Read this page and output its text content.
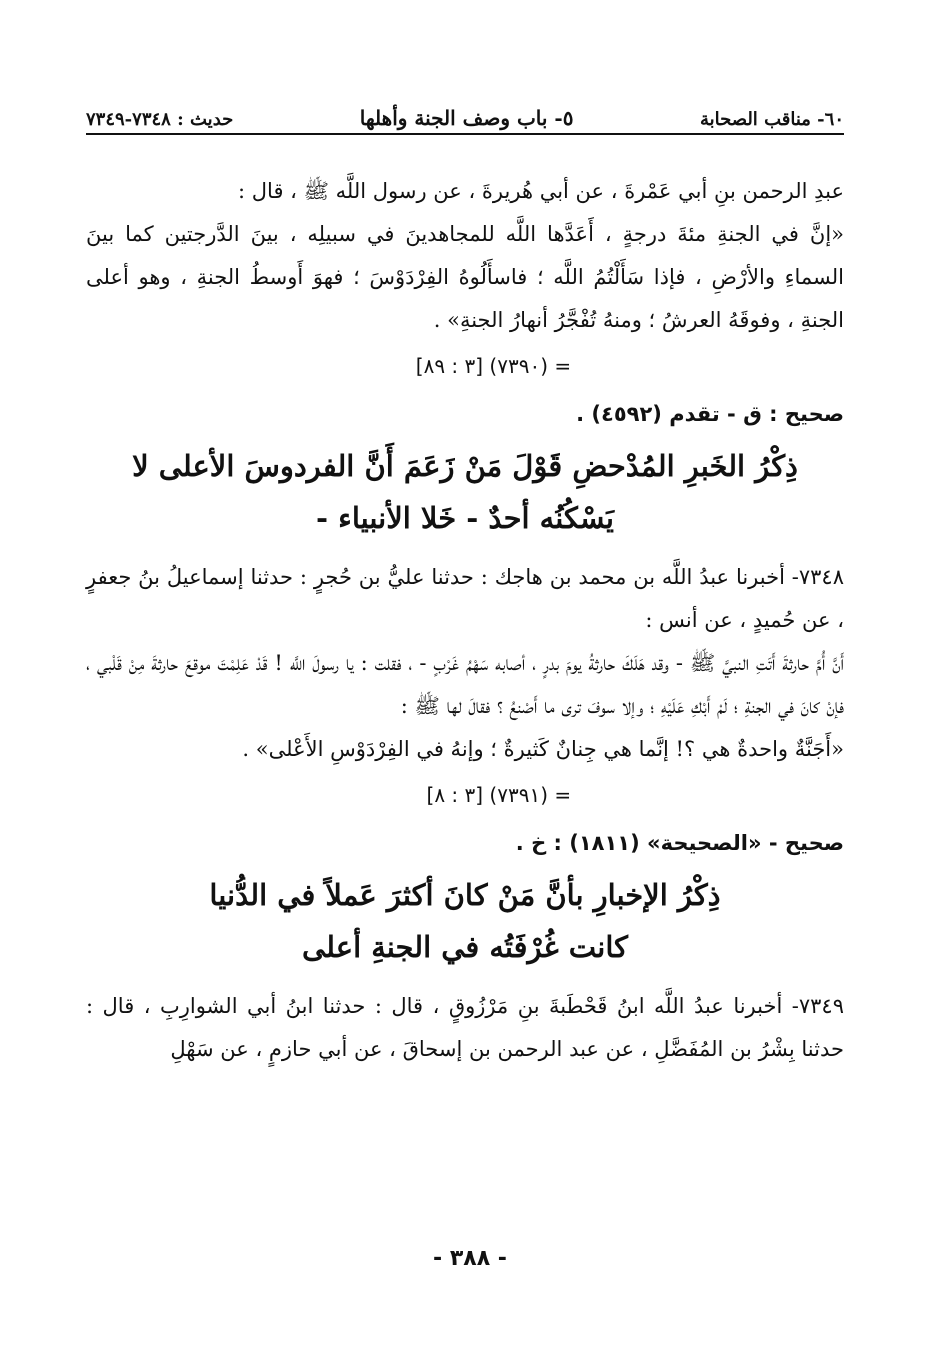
٦٠- مناقب الصحابة
٥- باب وصف الجنة وأهلها
حديث : ٧٣٤٨-٧٣٤٩

عبدِ الرحمن بنِ أبي عَمْرةَ ، عن أبي هُريرةَ ، عن رسول اللَّه ﷺ ، قال :

«إنَّ في الجنةِ مئةَ درجةٍ ، أَعَدَّها اللَّه للمجاهدينَ في سبيلِه ، بينَ الدَّرجتين كما بينَ السماءِ والأرْضِ ، فإذا سَأَلْتُمُ اللَّه ؛ فاسأَلُوهُ الفِرْدَوْسَ ؛ فهوَ أَوسطُ الجنةِ ، وهو أعلى الجنةِ ، وفوقَهُ العرشُ ؛ ومنهُ تُفْجَّرُ أنهارُ الجنةِ» .

= (٧٣٩٠) [٣ : ٨٩]
صحيح : ق - تقدم (٤٥٩٢) .
ذِكْرُ الخَبرِ المُدْحضِ قَوْلَ مَنْ زَعَمَ أَنَّ الفردوسَ الأعلى لا
يَسْكُنُه أحدٌ - خَلا الأنبياء -

٧٣٤٨- أخبرنا عبدُ اللَّه بن محمد بن هاجك : حدثنا عليُّ بن حُجرٍ : حدثنا إسماعيلُ بنُ جعفرٍ ، عن حُميدٍ ، عن أنس :

أَنَّ أُمَّ حارثةَ أَتَتِ النبيَّ ﷺ - وقد هَلَكَ حارثةُ يومَ بدرٍ ، أصابه سَهْمُ غَرْبٍ - ، فقلت : يا رسولَ اللَّه ! قَدْ عَلِمْتَ موقعَ حارثةَ مِنْ قَلْبي ، فإنْ كانَ في الجنةِ ؛ لَمْ أَبْكِ عَلَيْهِ ؛ وإلا سوفَ ترى ما أَصْنعُ ؟ فقالَ لها ﷺ :

«أَجَنَّةٌ واحدةٌ هي ؟! إنَّما هي جِنانٌ كَثيرةٌ ؛ وإنهُ في الفِرْدَوْسِ الأَعْلى» .

= (٧٣٩١) [٣ : ٨]
صحيح - «الصحيحة» (١٨١١) : خ .
ذِكْرُ الإخبارِ بأنَّ مَنْ كانَ أكثرَ عَملاً في الدُّنيا
كانت غُرْفَتُه في الجنةِ أعلى

٧٣٤٩- أخبرنا عبدُ اللَّه ابنُ قَحْطَبةَ بنِ مَرْزُوقٍ ، قال : حدثنا ابنُ أبي الشوارِبِ ، قال : حدثنا بِشْرُ بن المُفَضَّلِ ، عن عبد الرحمن بن إسحاقَ ، عن أبي حازمٍ ، عن سَهْلِ

- ٣٨٨ -
